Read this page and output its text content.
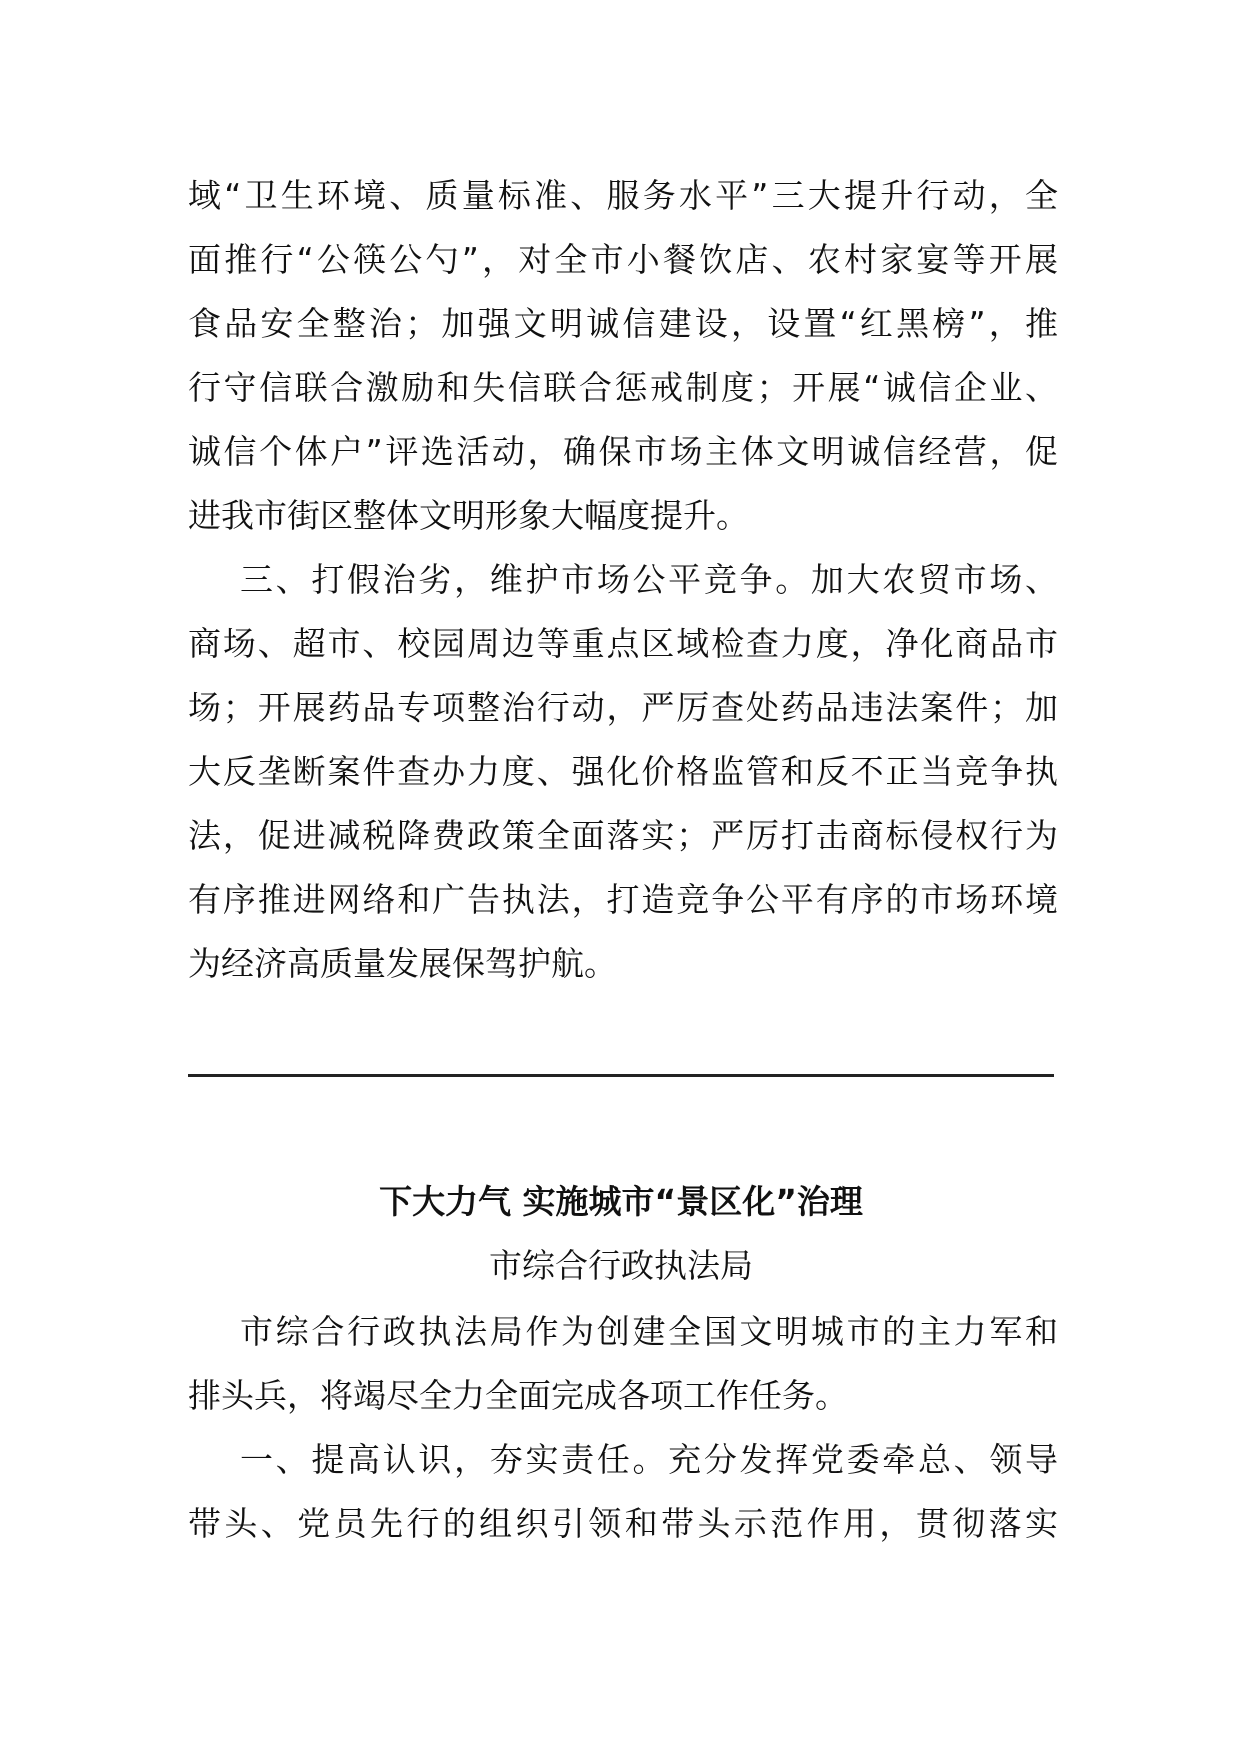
域“卫生环境、质量标准、服务水平”三大提升行动，全
面推行“公筷公勺”，对全市小餐饮店、农村家宴等开展
食品安全整治；加强文明诚信建设，设置“红黑榜”，推
行守信联合激励和失信联合惩戒制度；开展“诚信企业、
诚信个体户”评选活动，确保市场主体文明诚信经营，促
进我市街区整体文明形象大幅度提升。
三、打假治劣，维护市场公平竞争。加大农贸市场、
商场、超市、校园周边等重点区域检查力度，净化商品市
场；开展药品专项整治行动，严厉查处药品违法案件；加
大反垄断案件查办力度、强化价格监管和反不正当竞争执
法，促进减税降费政策全面落实；严厉打击商标侵权行为
有序推进网络和广告执法，打造竞争公平有序的市场环境
为经济高质量发展保驾护航。
下大力气 实施城市“景区化”治理
市综合行政执法局
市综合行政执法局作为创建全国文明城市的主力军和
排头兵，将竭尽全力全面完成各项工作任务。
一、提高认识，夯实责任。充分发挥党委牵总、领导
带头、党员先行的组织引领和带头示范作用，贯彻落实
